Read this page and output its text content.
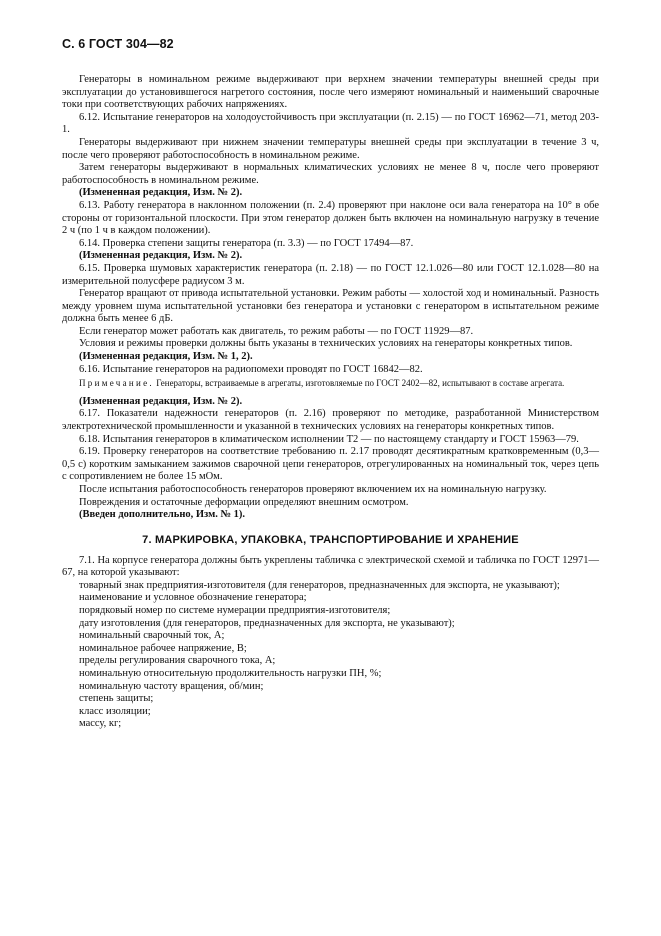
С. 6 ГОСТ 304—82

Генераторы в номинальном режиме выдерживают при верхнем значении температуры внешней среды при эксплуатации до установившегося нагретого состояния, после чего измеряют номинальный и наименьший сварочные токи при соответствующих рабочих напряжениях.

6.12. Испытание генераторов на холодоустойчивость при эксплуатации (п. 2.15) — по ГОСТ 16962—71, метод 203-1.

Генераторы выдерживают при нижнем значении температуры внешней среды при эксплуатации в течение 3 ч, после чего проверяют работоспособность в номинальном режиме.

Затем генераторы выдерживают в нормальных климатических условиях не менее 8 ч, после чего проверяют работоспособность в номинальном режиме.

(Измененная редакция, Изм. № 2).

6.13. Работу генератора в наклонном положении (п. 2.4) проверяют при наклоне оси вала генератора на 10° в обе стороны от горизонтальной плоскости. При этом генератор должен быть включен на номинальную нагрузку в течение 2 ч (по 1 ч в каждом положении).

6.14. Проверка степени защиты генератора (п. 3.3) — по ГОСТ 17494—87.

(Измененная редакция, Изм. № 2).

6.15. Проверка шумовых характеристик генератора (п. 2.18) — по ГОСТ 12.1.026—80 или ГОСТ 12.1.028—80 на измерительной полусфере радиусом 3 м.

Генератор вращают от привода испытательной установки. Режим работы — холостой ход и номинальный. Разность между уровнем шума испытательной установки без генератора и установки с генератором в испытательном режиме должна быть менее 6 дБ.

Если генератор может работать как двигатель, то режим работы — по ГОСТ 11929—87.

Условия и режимы проверки должны быть указаны в технических условиях на генераторы конкретных типов.

(Измененная редакция, Изм. № 1, 2).

6.16. Испытание генераторов на радиопомехи проводят по ГОСТ 16842—82.

Примечание. Генераторы, встраиваемые в агрегаты, изготовляемые по ГОСТ 2402—82, испытывают в составе агрегата.

(Измененная редакция, Изм. № 2).

6.17. Показатели надежности генераторов (п. 2.16) проверяют по методике, разработанной Министерством электротехнической промышленности и указанной в технических условиях на генераторы конкретных типов.

6.18. Испытания генераторов в климатическом исполнении Т2 — по настоящему стандарту и ГОСТ 15963—79.

6.19. Проверку генераторов на соответствие требованию п. 2.17 проводят десятикратным кратковременным (0,3—0,5 с) коротким замыканием зажимов сварочной цепи генераторов, отрегулированных на номинальный ток, через цепь с сопротивлением не более 15 мОм.

После испытания работоспособность генераторов проверяют включением их на номинальную нагрузку.

Повреждения и остаточные деформации определяют внешним осмотром.

(Введен дополнительно, Изм. № 1).

7. МАРКИРОВКА, УПАКОВКА, ТРАНСПОРТИРОВАНИЕ И ХРАНЕНИЕ

7.1. На корпусе генератора должны быть укреплены табличка с электрической схемой и табличка по ГОСТ 12971—67, на которой указывают:

товарный знак предприятия-изготовителя (для генераторов, предназначенных для экспорта, не указывают);

наименование и условное обозначение генератора;

порядковый номер по системе нумерации предприятия-изготовителя;

дату изготовления (для генераторов, предназначенных для экспорта, не указывают);

номинальный сварочный ток, А;

номинальное рабочее напряжение, В;

пределы регулирования сварочного тока, А;

номинальную относительную продолжительность нагрузки ПН, %;

номинальную частоту вращения, об/мин;

степень защиты;

класс изоляции;

массу, кг;
